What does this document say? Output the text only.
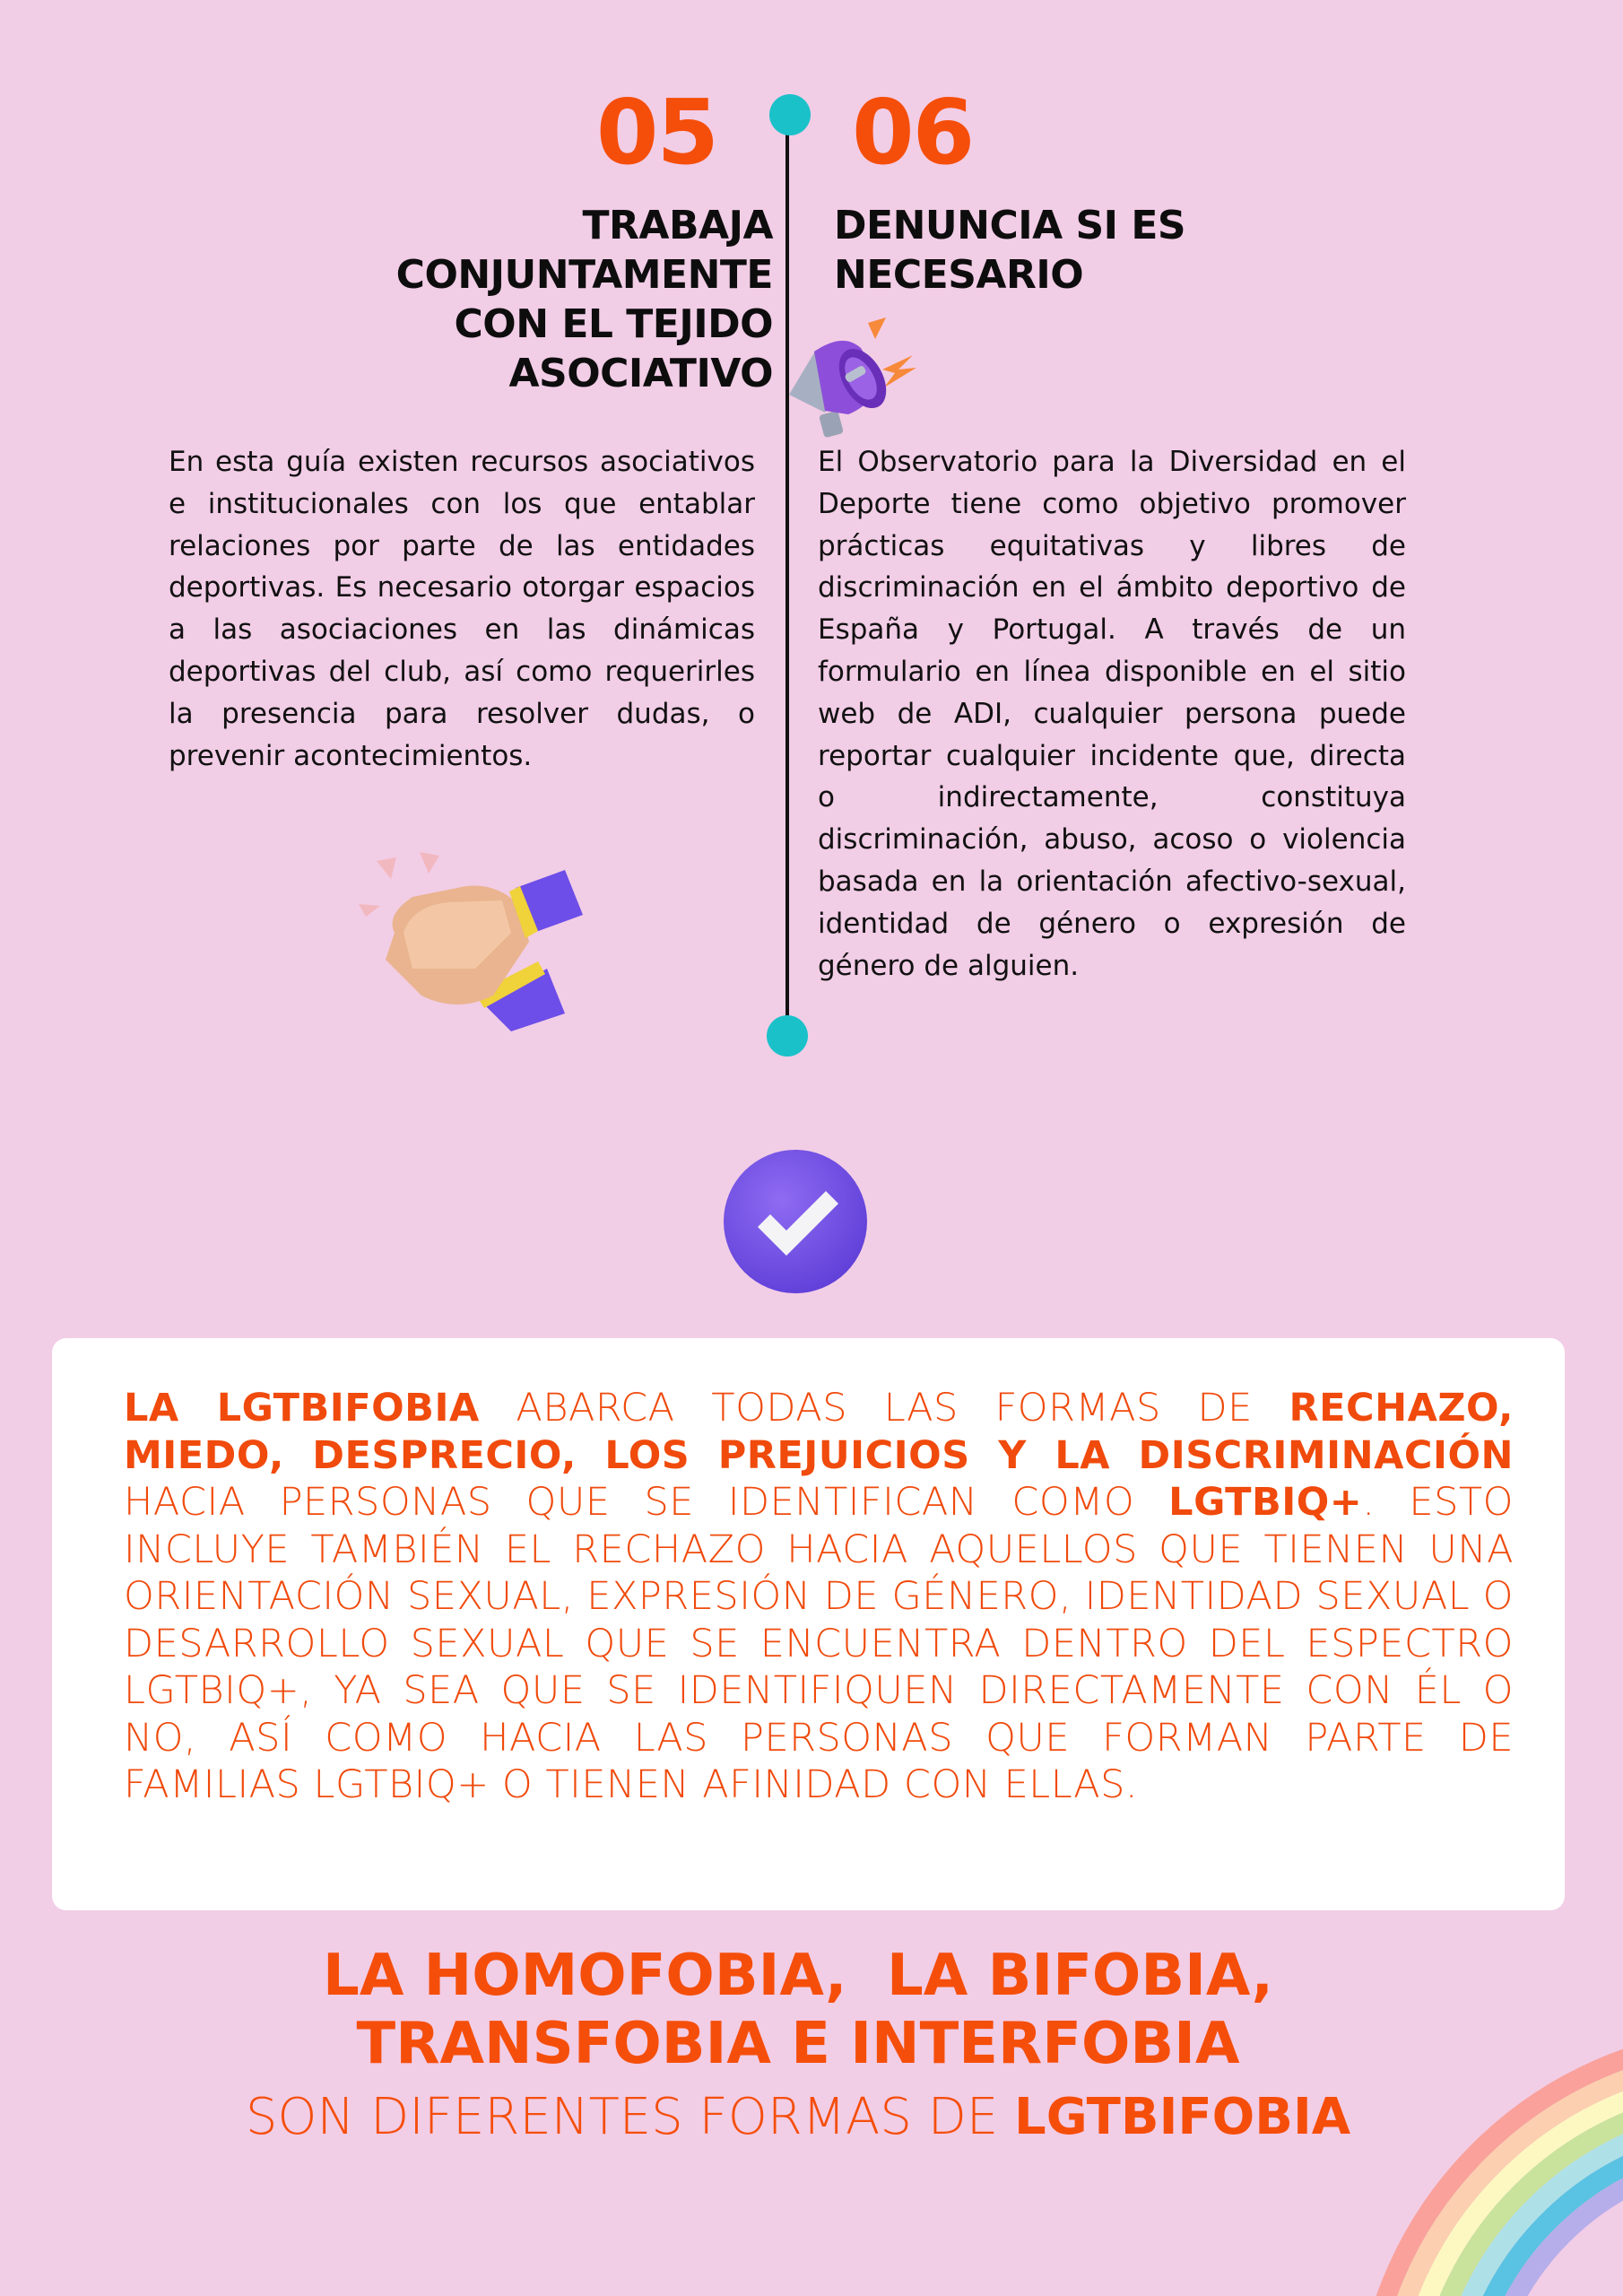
05
TRABAJA
CONJUNTAMENTE
CON EL TEJIDO
ASOCIATIVO
En esta guía existen recursos asociativos e institucionales con los que entablar relaciones por parte de las entidades deportivas. Es necesario otorgar espacios a las asociaciones en las dinámicas deportivas del club, así como requerirles la presencia para resolver dudas, o prevenir acontecimientos.
06
DENUNCIA SI ES
NECESARIO
El Observatorio para la Diversidad en el Deporte tiene como objetivo promover prácticas equitativas y libres de discriminación en el ámbito deportivo de España y Portugal. A través de un formulario en línea disponible en el sitio web de ADI, cualquier persona puede reportar cualquier incidente que, directa o indirectamente, constituya discriminación, abuso, acoso o violencia basada en la orientación afectivo-sexual, identidad de género o expresión de género de alguien.
LA LGTBIFOBIA ABARCA TODAS LAS FORMAS DE RECHAZO, MIEDO, DESPRECIO, LOS PREJUICIOS Y LA DISCRIMINACIÓN HACIA PERSONAS QUE SE IDENTIFICAN COMO LGTBIQ+. ESTO INCLUYE TAMBIÉN EL RECHAZO HACIA AQUELLOS QUE TIENEN UNA ORIENTACIÓN SEXUAL, EXPRESIÓN DE GÉNERO, IDENTIDAD SEXUAL O DESARROLLO SEXUAL QUE SE ENCUENTRA DENTRO DEL ESPECTRO LGTBIQ+, YA SEA QUE SE IDENTIFIQUEN DIRECTAMENTE CON ÉL O NO, ASÍ COMO HACIA LAS PERSONAS QUE FORMAN PARTE DE FAMILIAS LGTBIQ+ O TIENEN AFINIDAD CON ELLAS.
LA HOMOFOBIA,  LA BIFOBIA,
TRANSFOBIA E INTERFOBIA
SON DIFERENTES FORMAS DE LGTBIFOBIA
